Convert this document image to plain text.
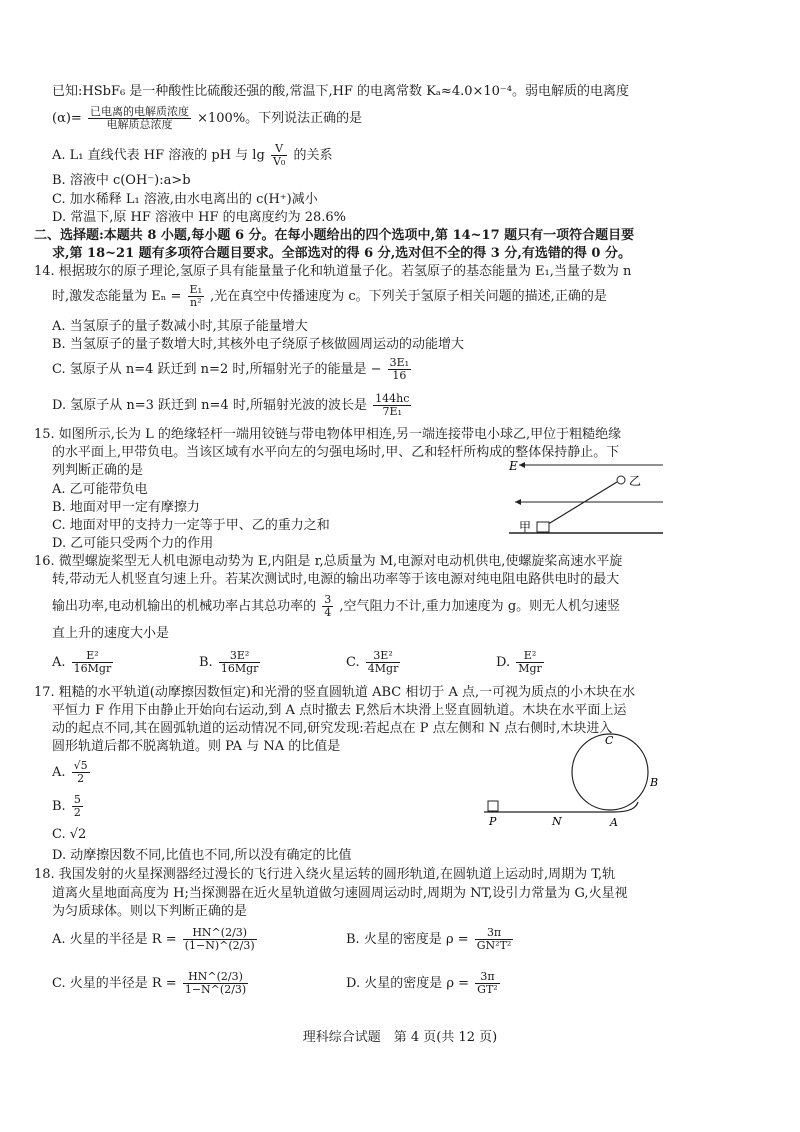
已知:HSbF₆ 是一种酸性比硫酸还强的酸,常温下,HF 的电离常数 Kₐ≈4.0×10⁻⁴。弱电解质的电离度
$(\alpha)= \frac{\text{已电离的电解质浓度}}{\text{电解质总浓度}} \times 100\%$。下列说法正确的是
A. L₁ 直线代表 HF 溶液的 pH 与 $\lg \frac{V}{\text{V₀}}$ 的关系
B. 溶液中 c(OH⁻):a>b
C. 加水稀释 L₁ 溶液,由水电离出的 c(H⁺)减小
D. 常温下,原 HF 溶液中 HF 的电离度约为 28.6%
二、选择题:本题共 8 小题,每小题 6 分。在每小题给出的四个选项中,第 14~17 题只有一项符合题目要
求,第 18~21 题有多项符合题目要求。全部选对的得 6 分,选对但不全的得 3 分,有选错的得 0 分。
14. 根据玻尔的原子理论,氢原子具有能量量子化和轨道量子化。若氢原子的基态能量为 E₁,当量子数为 n
时,激发态能量为 $E_n = \frac{\text{E₁}}{\text{n²}}$ ,光在真空中传播速度为 c。下列关于氢原子相关问题的描述,正确的是
A. 当氢原子的量子数减小时,其原子能量增大
B. 当氢原子的量子数增大时,其核外电子绕原子核做圆周运动的动能增大
C. 氢原子从 n=4 跃迁到 n=2 时,所辐射光子的能量是 − $\frac{\text{3E₁}}{16}$
D. 氢原子从 n=3 跃迁到 n=4 时,所辐射光波的波长是 $\frac{144hc}{\text{7E₁}}$
15. 如图所示,长为 L 的绝缘轻杆一端用铰链与带电物体甲相连,另一端连接带电小球乙,甲位于粗糙绝缘
的水平面上,甲带负电。当该区域有水平向左的匀强电场时,甲、乙和轻杆所构成的整体保持静止。下
列判断正确的是
A. 乙可能带负电
B. 地面对甲一定有摩擦力
C. 地面对甲的支持力一定等于甲、乙的重力之和
D. 乙可能只受两个力的作用
E
乙
甲
16. 微型螺旋桨型无人机电源电动势为 E,内阻是 r,总质量为 M,电源对电动机供电,使螺旋桨高速水平旋
转,带动无人机竖直匀速上升。若某次测试时,电源的输出功率等于该电源对纯电阻电路供电时的最大
输出功率,电动机输出的机械功率占其总功率的 $\frac{3}{4}$ ,空气阻力不计,重力加速度为 g。则无人机匀速竖
直上升的速度大小是
A. $\frac{\text{E²}}{\text{16Mgr}}$	B. $\frac{\text{3E²}}{\text{16Mgr}}$	C. $\frac{\text{3E²}}{\text{4Mgr}}$	D. $\frac{\text{E²}}{\text{Mgr}}$
17. 粗糙的水平轨道(动摩擦因数恒定)和光滑的竖直圆轨道 ABC 相切于 A 点,一可视为质点的小木块在水
平恒力 F 作用下由静止开始向右运动,到 A 点时撤去 F,然后木块滑上竖直圆轨道。木块在水平面上运
动的起点不同,其在圆弧轨道的运动情况不同,研究发现:若起点在 P 点左侧和 N 点右侧时,木块进入
圆形轨道后都不脱离轨道。则 PA 与 NA 的比值是
A. $\frac{√5}{2}$
B. $\frac{5}{2}$
C. √2
D. 动摩擦因数不同,比值也不同,所以没有确定的比值
P	N	A
B
C
18. 我国发射的火星探测器经过漫长的飞行进入绕火星运转的圆形轨道,在圆轨道上运动时,周期为 T,轨
道离火星地面高度为 H;当探测器在近火星轨道做匀速圆周运动时,周期为 NT,设引力常量为 G,火星视
为匀质球体。则以下判断正确的是
A. 火星的半径是 $R = \frac{HN\^{}(2/3)}{(1-N)\^{}(2/3)}$	B. 火星的密度是 $\rho = \frac{3\pi}{\text{GN²T²}}$
C. 火星的半径是 $R = \frac{HN\^{}(2/3)}{1-N\^{}(2/3)}$	D. 火星的密度是 $\rho = \frac{3\pi}{\text{GT²}}$
理科综合试题　第 4 页(共 12 页)
